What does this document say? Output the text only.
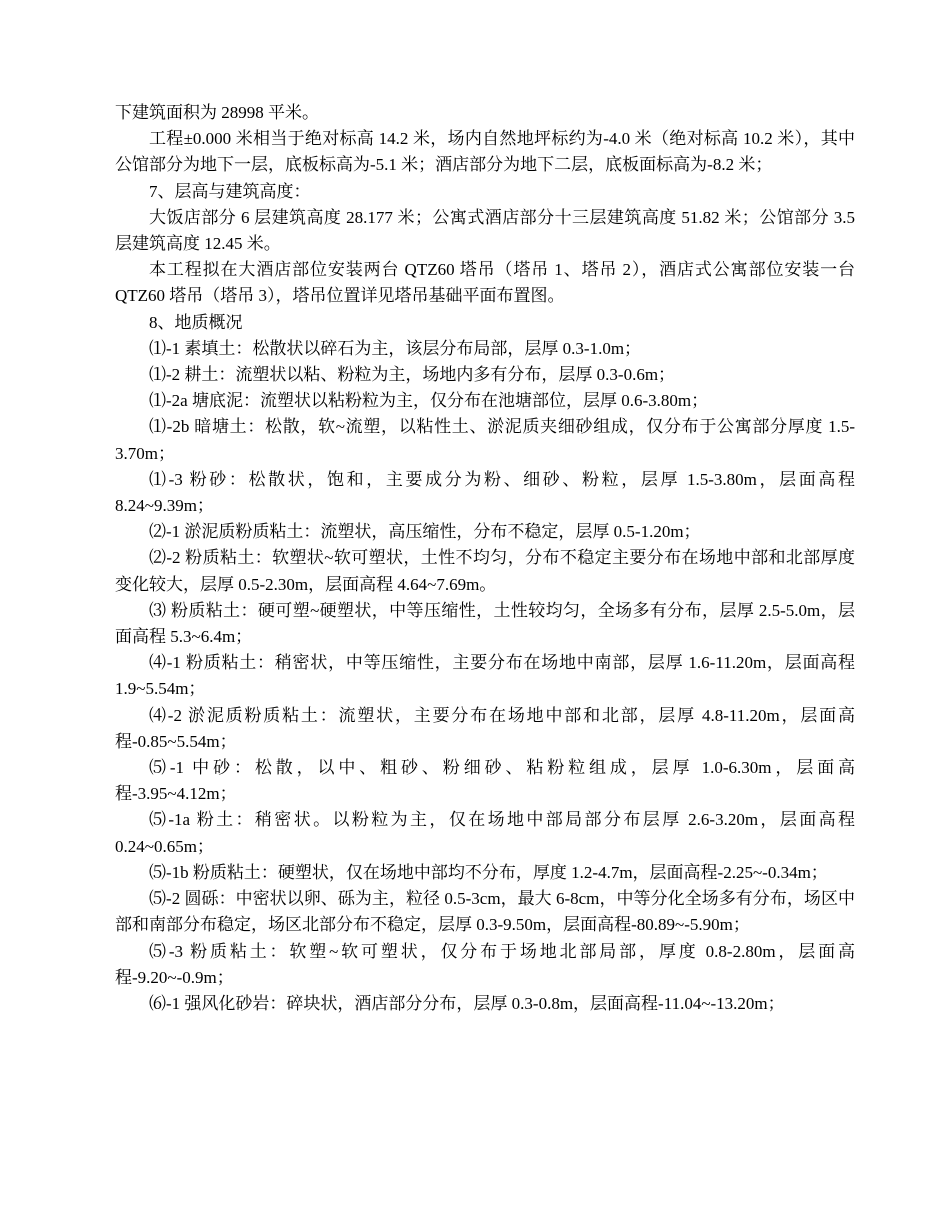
下建筑面积为 28998 平米。

工程±0.000 米相当于绝对标高 14.2 米，场内自然地坪标约为-4.0 米（绝对标高 10.2 米），其中公馆部分为地下一层，底板标高为-5.1 米；酒店部分为地下二层，底板面标高为-8.2 米；

7、层高与建筑高度：

大饭店部分 6 层建筑高度 28.177 米；公寓式酒店部分十三层建筑高度 51.82 米；公馆部分 3.5 层建筑高度 12.45 米。

本工程拟在大酒店部位安装两台 QTZ60 塔吊（塔吊 1、塔吊 2），酒店式公寓部位安装一台 QTZ60 塔吊（塔吊 3），塔吊位置详见塔吊基础平面布置图。

8、地质概况

⑴-1 素填土：松散状以碎石为主，该层分布局部，层厚 0.3-1.0m；

⑴-2 耕土：流塑状以粘、粉粒为主，场地内多有分布，层厚 0.3-0.6m；

⑴-2a 塘底泥：流塑状以粘粉粒为主，仅分布在池塘部位，层厚 0.6-3.80m；

⑴-2b 暗塘土：松散，软~流塑，以粘性土、淤泥质夹细砂组成，仅分布于公寓部分厚度 1.5-3.70m；

⑴-3 粉砂：松散状，饱和，主要成分为粉、细砂、粉粒，层厚 1.5-3.80m，层面高程 8.24~9.39m；

⑵-1 淤泥质粉质粘土：流塑状，高压缩性，分布不稳定，层厚 0.5-1.20m；

⑵-2 粉质粘土：软塑状~软可塑状，土性不均匀，分布不稳定主要分布在场地中部和北部厚度变化较大，层厚 0.5-2.30m，层面高程 4.64~7.69m。

⑶ 粉质粘土：硬可塑~硬塑状，中等压缩性，土性较均匀，全场多有分布，层厚 2.5-5.0m，层面高程 5.3~6.4m；

⑷-1 粉质粘土：稍密状，中等压缩性，主要分布在场地中南部，层厚 1.6-11.20m，层面高程 1.9~5.54m；

⑷-2 淤泥质粉质粘土：流塑状，主要分布在场地中部和北部，层厚 4.8-11.20m，层面高程-0.85~5.54m；

⑸-1 中砂：松散，以中、粗砂、粉细砂、粘粉粒组成，层厚 1.0-6.30m，层面高程-3.95~4.12m；

⑸-1a 粉土：稍密状。以粉粒为主，仅在场地中部局部分布层厚 2.6-3.20m，层面高程 0.24~0.65m；

⑸-1b 粉质粘土：硬塑状，仅在场地中部均不分布，厚度 1.2-4.7m，层面高程-2.25~-0.34m；

⑸-2 圆砾：中密状以卵、砾为主，粒径 0.5-3cm，最大 6-8cm，中等分化全场多有分布，场区中部和南部分布稳定，场区北部分布不稳定，层厚 0.3-9.50m，层面高程-80.89~-5.90m；

⑸-3 粉质粘土：软塑~软可塑状，仅分布于场地北部局部，厚度 0.8-2.80m，层面高程-9.20~-0.9m；

⑹-1 强风化砂岩：碎块状，酒店部分分布，层厚 0.3-0.8m，层面高程-11.04~-13.20m；
